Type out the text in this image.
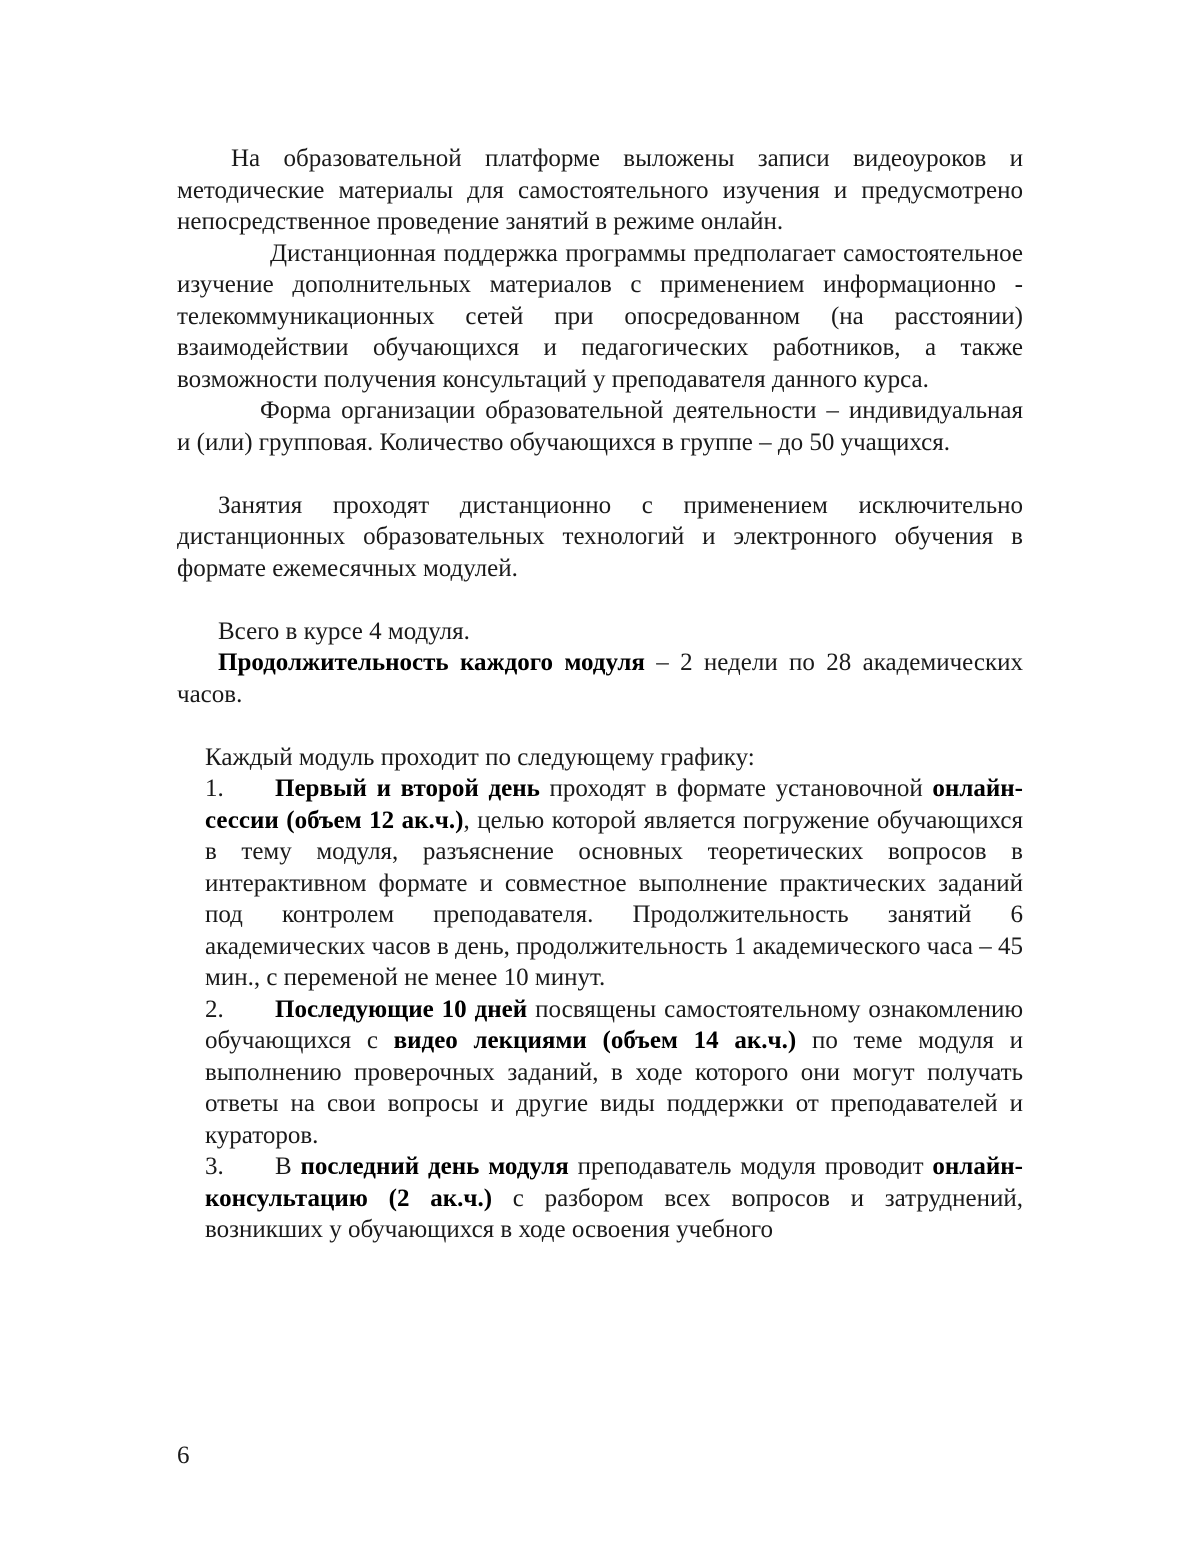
На образовательной платформе выложены записи видеоуроков и методические материалы для самостоятельного изучения и предусмотрено непосредственное проведение занятий в режиме онлайн.

Дистанционная поддержка программы предполагает самостоятельное изучение дополнительных материалов с применением информационно - телекоммуникационных сетей при опосредованном (на расстоянии) взаимодействии обучающихся и педагогических работников, а также возможности получения консультаций у преподавателя данного курса.

Форма организации образовательной деятельности – индивидуальная и (или) групповая. Количество обучающихся в группе – до 50 учащихся.

Занятия проходят дистанционно с применением исключительно дистанционных образовательных технологий и электронного обучения в формате ежемесячных модулей.

Всего в курсе 4 модуля.

Продолжительность каждого модуля – 2 недели по 28 академических часов.

Каждый модуль проходит по следующему графику:

1. Первый и второй день проходят в формате установочной онлайн-сессии (объем 12 ак.ч.), целью которой является погружение обучающихся в тему модуля, разъяснение основных теоретических вопросов в интерактивном формате и совместное выполнение практических заданий под контролем преподавателя. Продолжительность занятий 6 академических часов в день, продолжительность 1 академического часа – 45 мин., с переменой не менее 10 минут.

2. Последующие 10 дней посвящены самостоятельному ознакомлению обучающихся с видео лекциями (объем 14 ак.ч.) по теме модуля и выполнению проверочных заданий, в ходе которого они могут получать ответы на свои вопросы и другие виды поддержки от преподавателей и кураторов.

3. В последний день модуля преподаватель модуля проводит онлайн-консультацию (2 ак.ч.) с разбором всех вопросов и затруднений, возникших у обучающихся в ходе освоения учебного

6
